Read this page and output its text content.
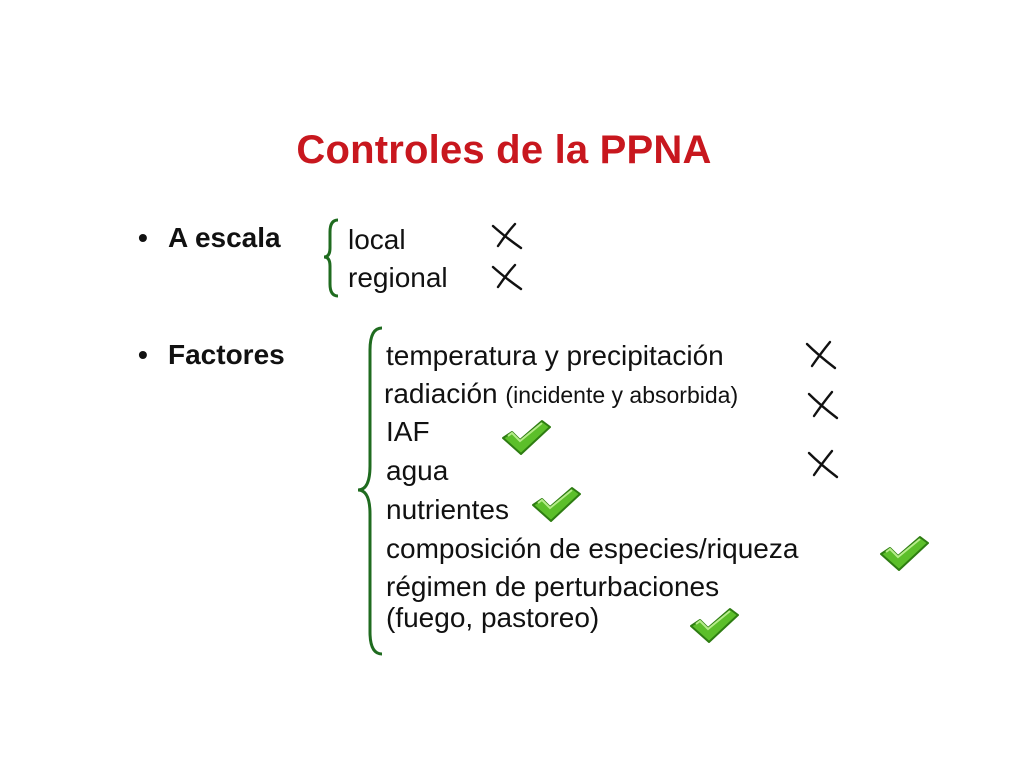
Controles de la PPNA
• A escala local
regional
• Factores	temperatura y precipitación
radiación (incidente y absorbida)
IAF
agua
nutrientes
composición de especies/riqueza
régimen de perturbaciones
(fuego, pastoreo)
